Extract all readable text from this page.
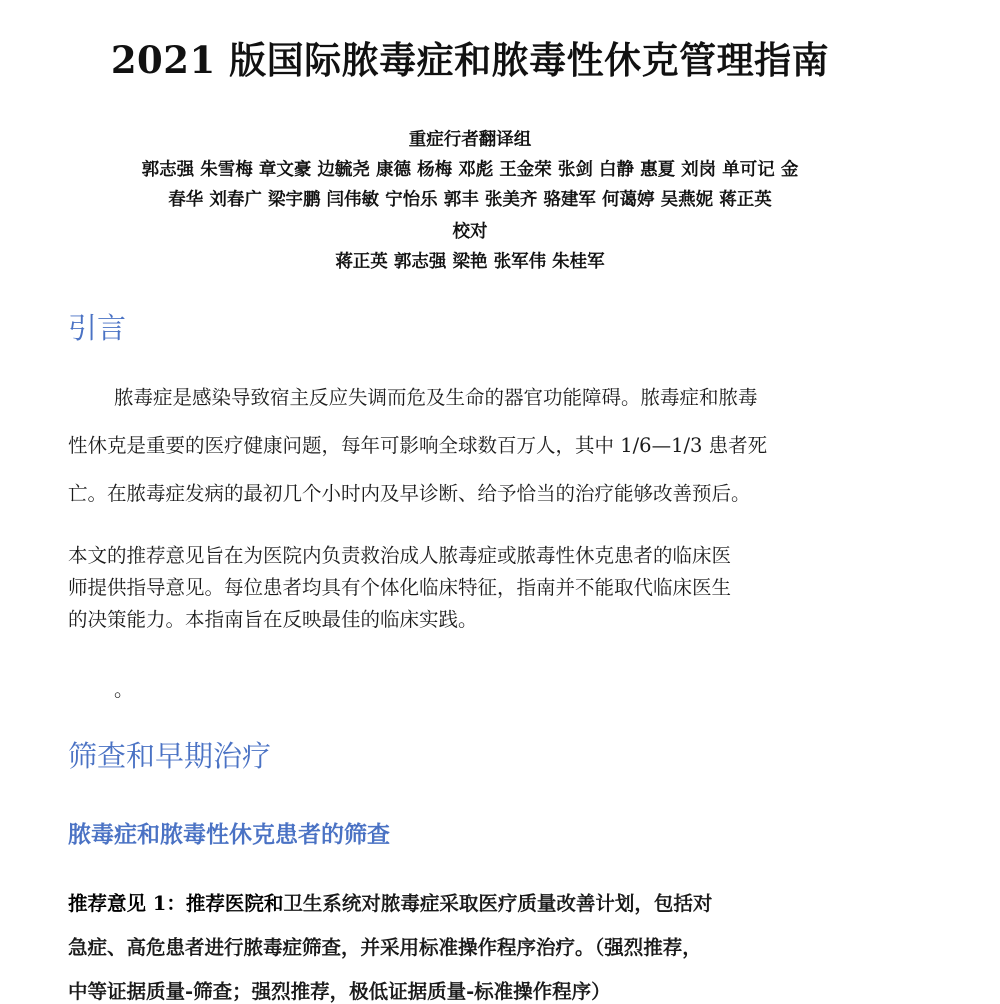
2021 版国际脓毒症和脓毒性休克管理指南
重症行者翻译组
郭志强 朱雪梅 章文豪 边毓尧 康德 杨梅 邓彪 王金荣 张剑 白静 惠夏 刘岗 单可记 金
春华 刘春广 梁宇鹏 闫伟敏 宁怡乐 郭丰 张美齐 骆建军 何蔼婷 吴燕妮 蒋正英
校对
蒋正英 郭志强 梁艳 张军伟 朱桂军
引言
脓毒症是感染导致宿主反应失调而危及生命的器官功能障碍。脓毒症和脓毒
性休克是重要的医疗健康问题，每年可影响全球数百万人，其中 1/6—1/3 患者死
亡。在脓毒症发病的最初几个小时内及早诊断、给予恰当的治疗能够改善预后。
本文的推荐意见旨在为医院内负责救治成人脓毒症或脓毒性休克患者的临床医
师提供指导意见。每位患者均具有个体化临床特征，指南并不能取代临床医生
的决策能力。本指南旨在反映最佳的临床实践。
。
筛查和早期治疗
脓毒症和脓毒性休克患者的筛查
推荐意见 1：推荐医院和卫生系统对脓毒症采取医疗质量改善计划，包括对
急症、高危患者进行脓毒症筛查，并采用标准操作程序治疗。（强烈推荐，
中等证据质量-筛查；强烈推荐，极低证据质量-标准操作程序）
